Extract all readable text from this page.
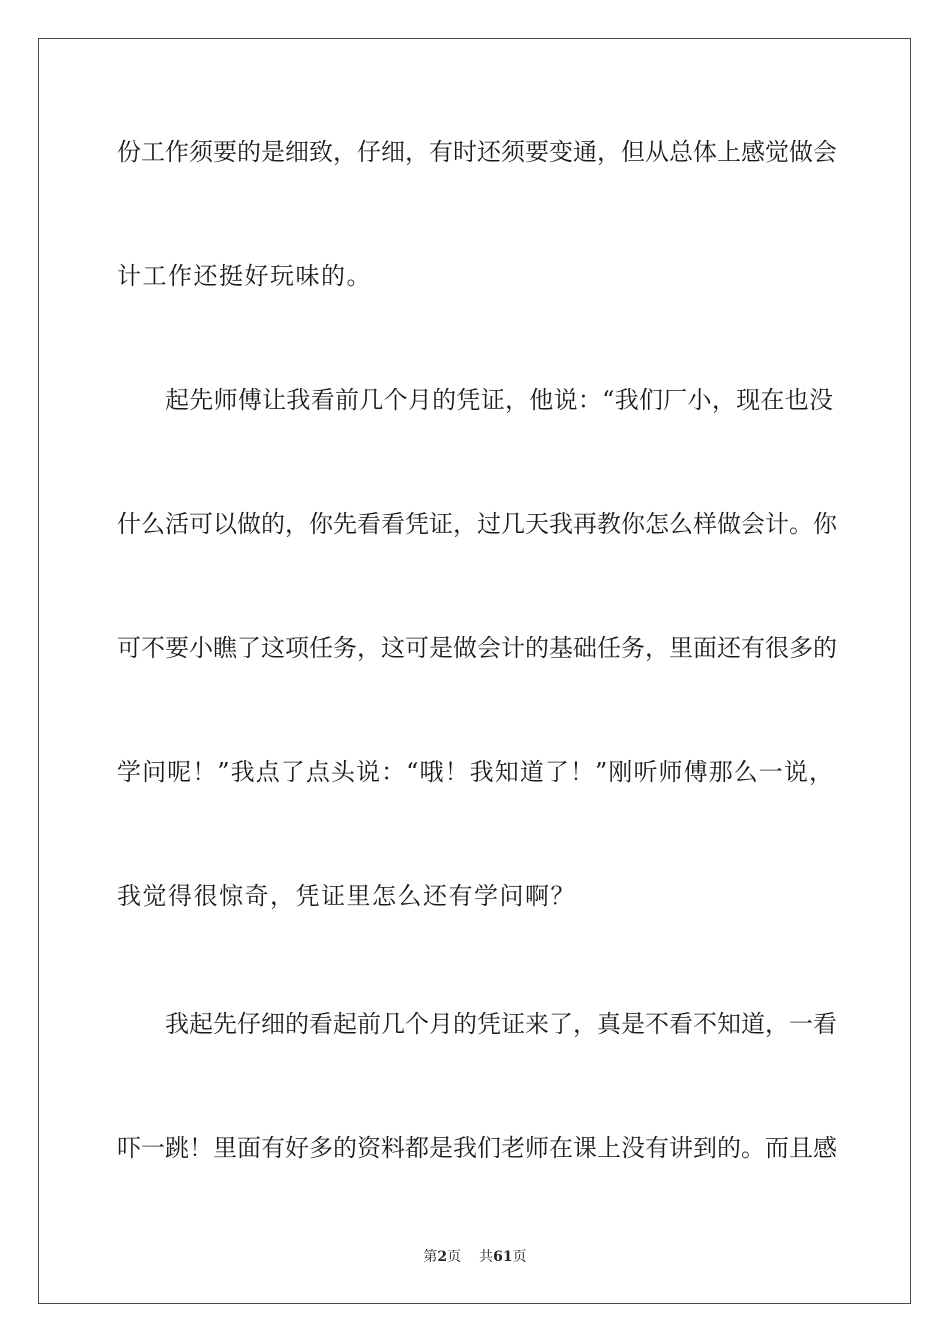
份工作须要的是细致，仔细，有时还须要变通，但从总体上感觉做会
计工作还挺好玩味的。
起先师傅让我看前几个月的凭证，他说：“我们厂小，现在也没
什么活可以做的，你先看看凭证，过几天我再教你怎么样做会计。你
可不要小瞧了这项任务，这可是做会计的基础任务，里面还有很多的
学问呢！”我点了点头说：“哦！我知道了！”刚听师傅那么一说，
我觉得很惊奇，凭证里怎么还有学问啊？
我起先仔细的看起前几个月的凭证来了，真是不看不知道，一看
吓一跳！里面有好多的资料都是我们老师在课上没有讲到的。而且感
第2页 共61页
